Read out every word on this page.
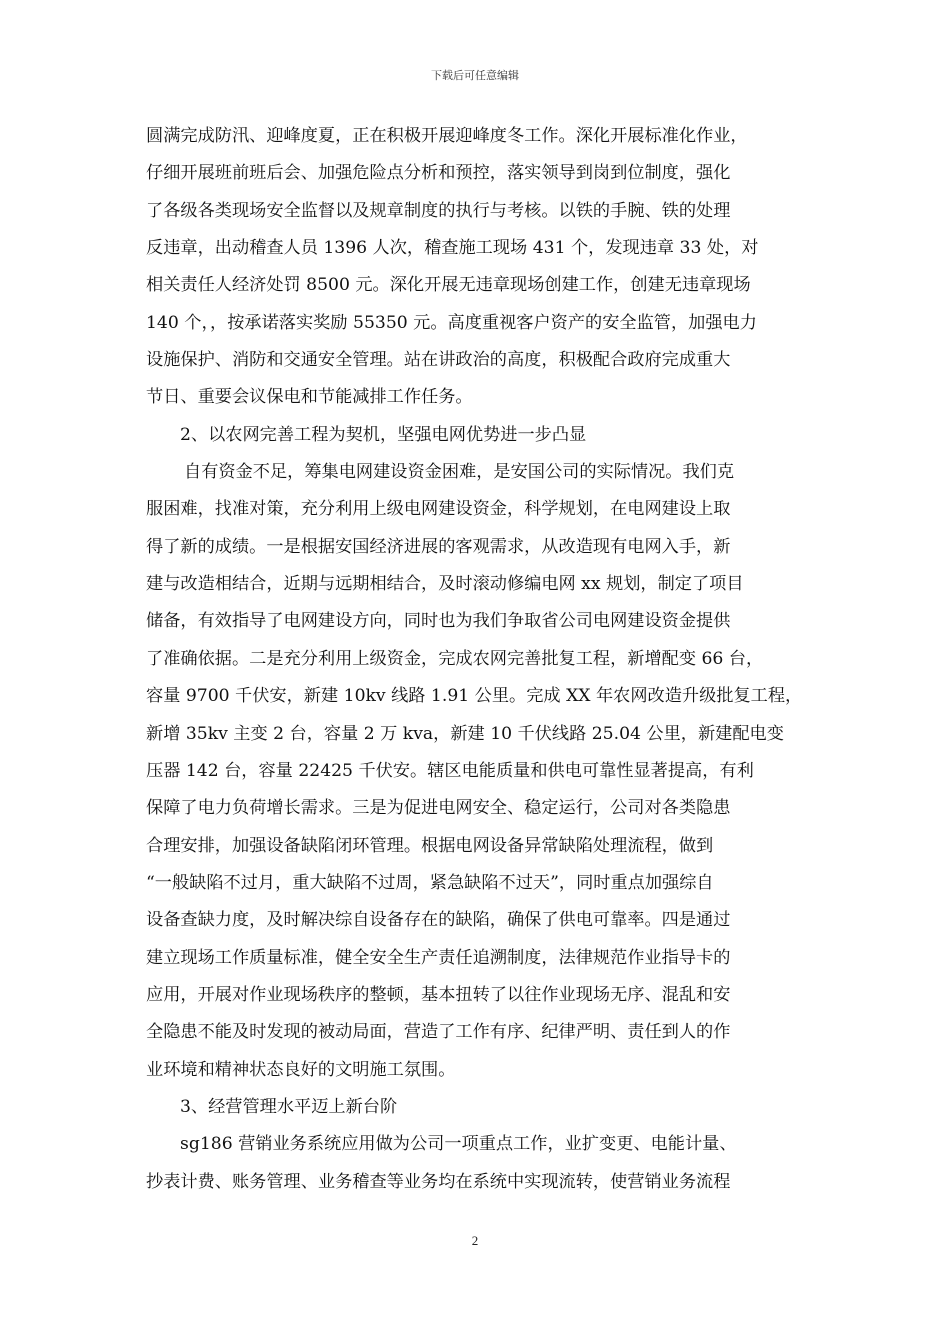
下载后可任意编辑
圆满完成防汛、迎峰度夏，正在积极开展迎峰度冬工作。深化开展标准化作业，
仔细开展班前班后会、加强危险点分析和预控，落实领导到岗到位制度，强化
了各级各类现场安全监督以及规章制度的执行与考核。以铁的手腕、铁的处理
反违章，出动稽查人员 1396 人次，稽查施工现场 431 个，发现违章 33 处，对
相关责任人经济处罚 8500 元。深化开展无违章现场创建工作，创建无违章现场
140 个，，按承诺落实奖励 55350 元。高度重视客户资产的安全监管，加强电力
设施保护、消防和交通安全管理。站在讲政治的高度，积极配合政府完成重大
节日、重要会议保电和节能减排工作任务。
2、以农网完善工程为契机，坚强电网优势进一步凸显
自有资金不足，筹集电网建设资金困难，是安国公司的实际情况。我们克
服困难，找准对策，充分利用上级电网建设资金，科学规划，在电网建设上取
得了新的成绩。一是根据安国经济进展的客观需求，从改造现有电网入手，新
建与改造相结合，近期与远期相结合，及时滚动修编电网 xx 规划，制定了项目
储备，有效指导了电网建设方向，同时也为我们争取省公司电网建设资金提供
了准确依据。二是充分利用上级资金，完成农网完善批复工程，新增配变 66 台，
容量 9700 千伏安，新建 10kv 线路 1.91 公里。完成 XX 年农网改造升级批复工程，
新增 35kv 主变 2 台，容量 2 万 kva，新建 10 千伏线路 25.04 公里，新建配电变
压器 142 台，容量 22425 千伏安。辖区电能质量和供电可靠性显著提高，有利
保障了电力负荷增长需求。三是为促进电网安全、稳定运行，公司对各类隐患
合理安排，加强设备缺陷闭环管理。根据电网设备异常缺陷处理流程，做到
“一般缺陷不过月，重大缺陷不过周，紧急缺陷不过天”，同时重点加强综自
设备查缺力度，及时解决综自设备存在的缺陷，确保了供电可靠率。四是通过
建立现场工作质量标准，健全安全生产责任追溯制度，法律规范作业指导卡的
应用，开展对作业现场秩序的整顿，基本扭转了以往作业现场无序、混乱和安
全隐患不能及时发现的被动局面，营造了工作有序、纪律严明、责任到人的作
业环境和精神状态良好的文明施工氛围。
3、经营管理水平迈上新台阶
sg186 营销业务系统应用做为公司一项重点工作，业扩变更、电能计量、
抄表计费、账务管理、业务稽查等业务均在系统中实现流转，使营销业务流程
2
